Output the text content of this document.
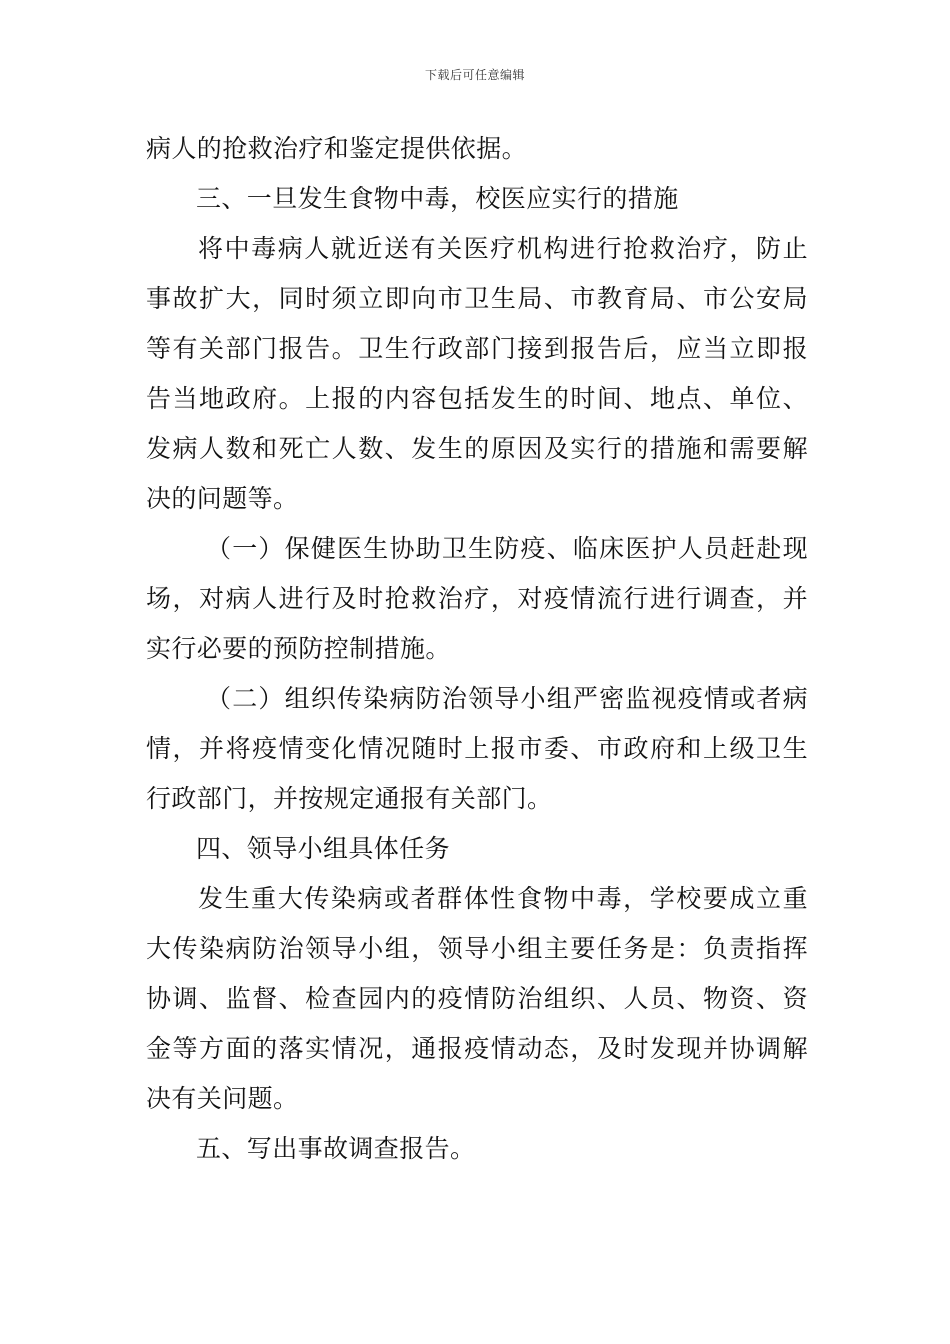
下载后可任意编辑
病人的抢救治疗和鉴定提供依据。
三、一旦发生食物中毒，校医应实行的措施
将中毒病人就近送有关医疗机构进行抢救治疗，防止
事故扩大，同时须立即向市卫生局、市教育局、市公安局
等有关部门报告。卫生行政部门接到报告后，应当立即报
告当地政府。上报的内容包括发生的时间、地点、单位、
发病人数和死亡人数、发生的原因及实行的措施和需要解
决的问题等。
（一）保健医生协助卫生防疫、临床医护人员赶赴现
场，对病人进行及时抢救治疗，对疫情流行进行调查，并
实行必要的预防控制措施。
（二）组织传染病防治领导小组严密监视疫情或者病
情，并将疫情变化情况随时上报市委、市政府和上级卫生
行政部门，并按规定通报有关部门。
四、领导小组具体任务
发生重大传染病或者群体性食物中毒，学校要成立重
大传染病防治领导小组，领导小组主要任务是：负责指挥
协调、监督、检查园内的疫情防治组织、人员、物资、资
金等方面的落实情况，通报疫情动态，及时发现并协调解
决有关问题。
五、写出事故调查报告。
